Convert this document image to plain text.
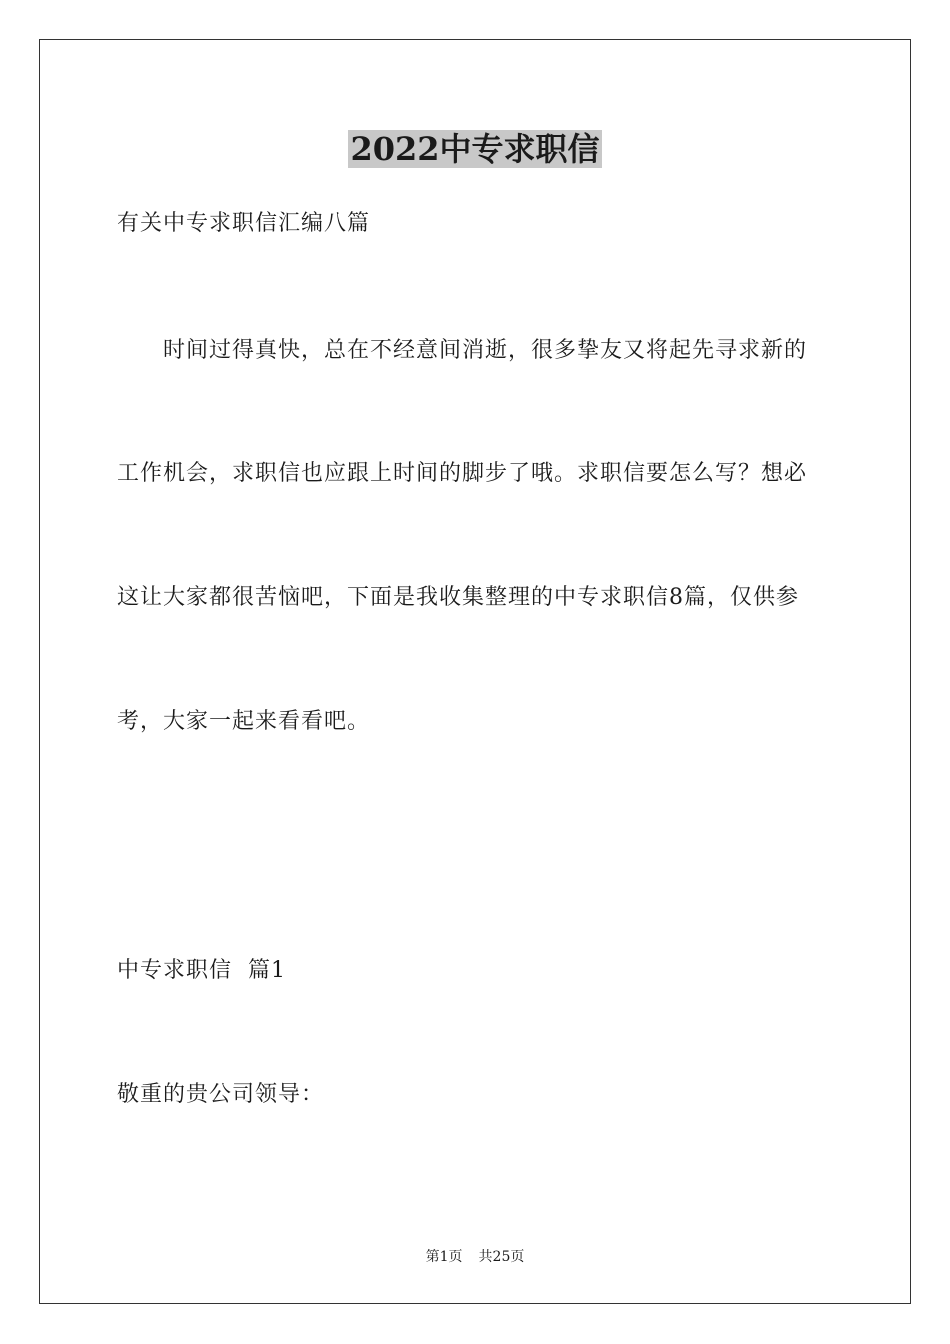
2022中专求职信
有关中专求职信汇编八篇
时间过得真快，总在不经意间消逝，很多挚友又将起先寻求新的
工作机会，求职信也应跟上时间的脚步了哦。求职信要怎么写？想必
这让大家都很苦恼吧，下面是我收集整理的中专求职信8篇，仅供参
考，大家一起来看看吧。
中专求职信  篇1
敬重的贵公司领导：
第1页 共25页
